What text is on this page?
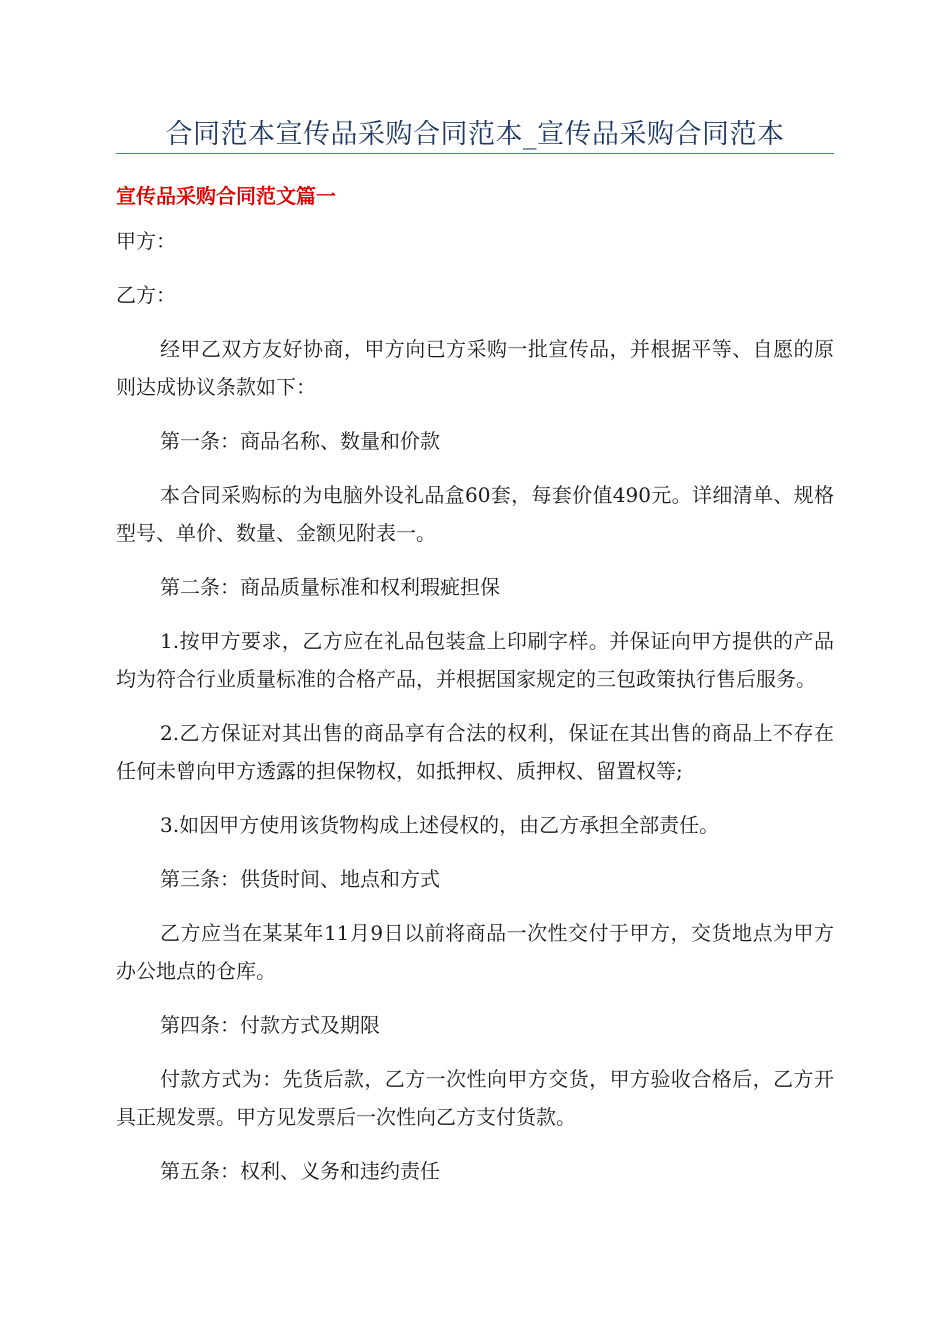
合同范本宣传品采购合同范本_宣传品采购合同范本
宣传品采购合同范文篇一

甲方：

乙方：

经甲乙双方友好协商，甲方向已方采购一批宣传品，并根据平等、自愿的原则达成协议条款如下：

第一条：商品名称、数量和价款

本合同采购标的为电脑外设礼品盒60套，每套价值490元。详细清单、规格型号、单价、数量、金额见附表一。

第二条：商品质量标准和权利瑕疵担保

1.按甲方要求，乙方应在礼品包装盒上印刷字样。并保证向甲方提供的产品均为符合行业质量标准的合格产品，并根据国家规定的三包政策执行售后服务。

2.乙方保证对其出售的商品享有合法的权利，保证在其出售的商品上不存在任何未曾向甲方透露的担保物权，如抵押权、质押权、留置权等;

3.如因甲方使用该货物构成上述侵权的，由乙方承担全部责任。

第三条：供货时间、地点和方式

乙方应当在某某年11月9日以前将商品一次性交付于甲方，交货地点为甲方办公地点的仓库。

第四条：付款方式及期限

付款方式为：先货后款，乙方一次性向甲方交货，甲方验收合格后，乙方开具正规发票。甲方见发票后一次性向乙方支付货款。

第五条：权利、义务和违约责任
